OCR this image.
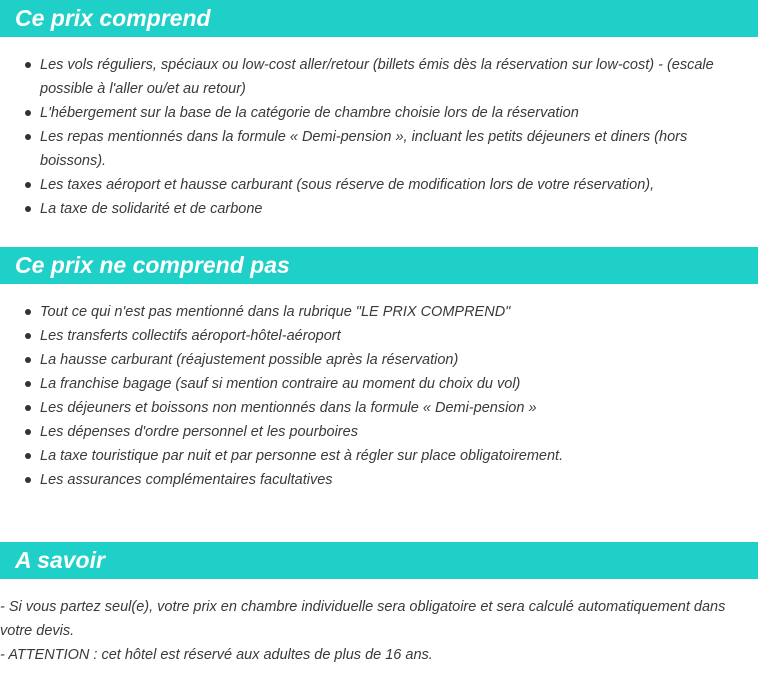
Ce prix comprend
Les vols réguliers, spéciaux ou low-cost aller/retour (billets émis dès la réservation sur low-cost) - (escale possible à l'aller ou/et au retour)
L'hébergement sur la base de la catégorie de chambre choisie lors de la réservation
Les repas mentionnés dans la formule « Demi-pension », incluant les petits déjeuners et diners (hors boissons).
Les taxes aéroport et hausse carburant (sous réserve de modification lors de votre réservation),
La taxe de solidarité et de carbone
Ce prix ne comprend pas
Tout ce qui n'est pas mentionné dans la rubrique "LE PRIX COMPREND"
Les transferts collectifs aéroport-hôtel-aéroport
La hausse carburant (réajustement possible après la réservation)
La franchise bagage (sauf si mention contraire au moment du choix du vol)
Les déjeuners et boissons non mentionnés dans la formule « Demi-pension »
Les dépenses d'ordre personnel et les pourboires
La taxe touristique par nuit et par personne est à régler sur place obligatoirement.
Les assurances complémentaires facultatives
A savoir

- Si vous partez seul(e), votre prix en chambre individuelle sera obligatoire et sera calculé automatiquement dans votre devis.

- ATTENTION : cet hôtel est réservé aux adultes de plus de 16 ans.
